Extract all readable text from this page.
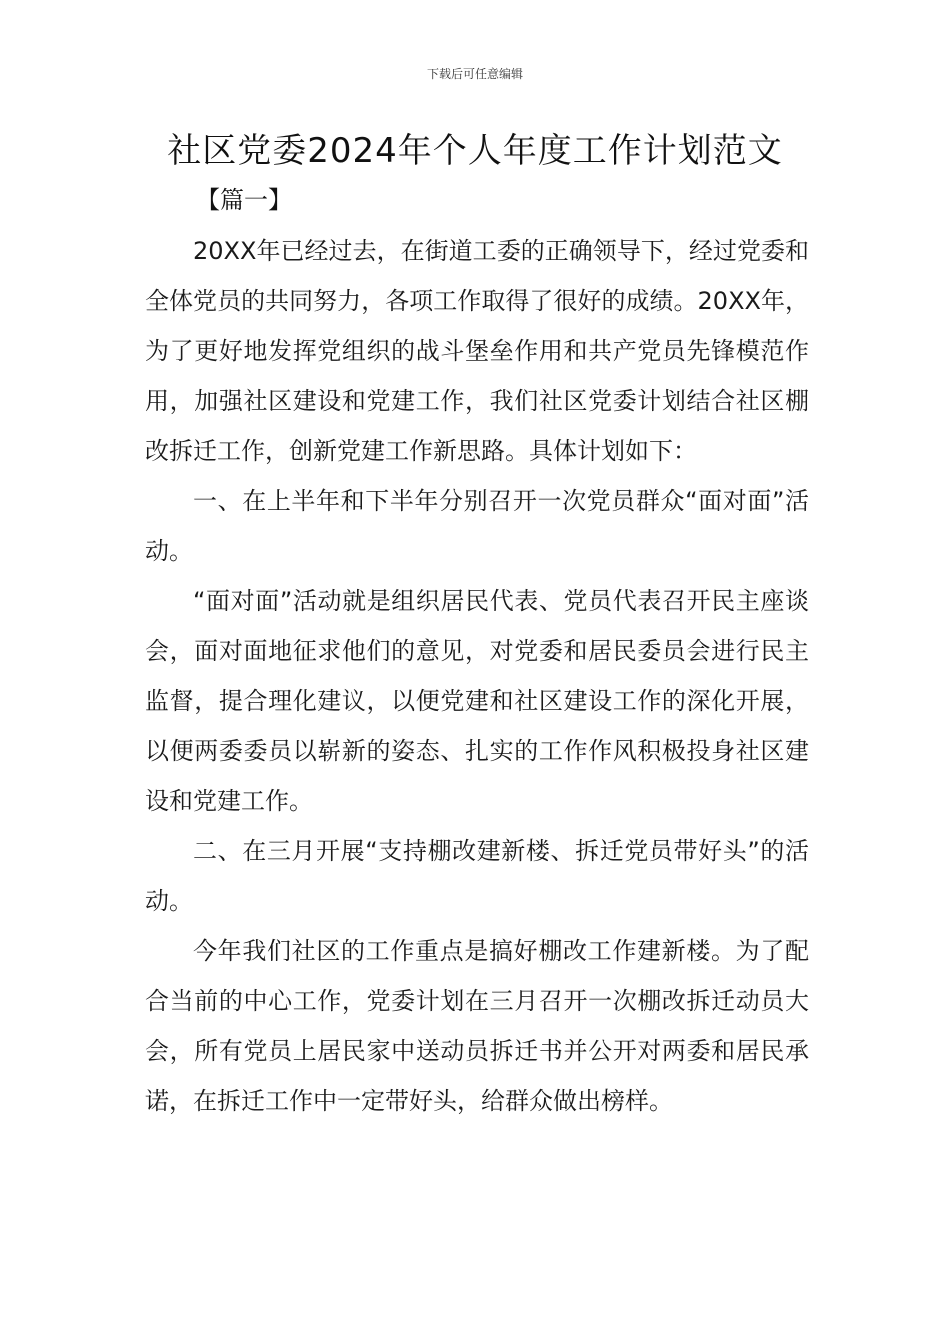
下载后可任意编辑
社区党委2024年个人年度工作计划范文
【篇一】

20XX年已经过去，在街道工委的正确领导下，经过党委和全体党员的共同努力，各项工作取得了很好的成绩。20XX年，为了更好地发挥党组织的战斗堡垒作用和共产党员先锋模范作用，加强社区建设和党建工作，我们社区党委计划结合社区棚改拆迁工作，创新党建工作新思路。具体计划如下：

一、在上半年和下半年分别召开一次党员群众“面对面”活动。

“面对面”活动就是组织居民代表、党员代表召开民主座谈会，面对面地征求他们的意见，对党委和居民委员会进行民主监督，提合理化建议，以便党建和社区建设工作的深化开展，以便两委委员以崭新的姿态、扎实的工作作风积极投身社区建设和党建工作。

二、在三月开展“支持棚改建新楼、拆迁党员带好头”的活动。

今年我们社区的工作重点是搞好棚改工作建新楼。为了配合当前的中心工作，党委计划在三月召开一次棚改拆迁动员大会，所有党员上居民家中送动员拆迁书并公开对两委和居民承诺，在拆迁工作中一定带好头，给群众做出榜样。
